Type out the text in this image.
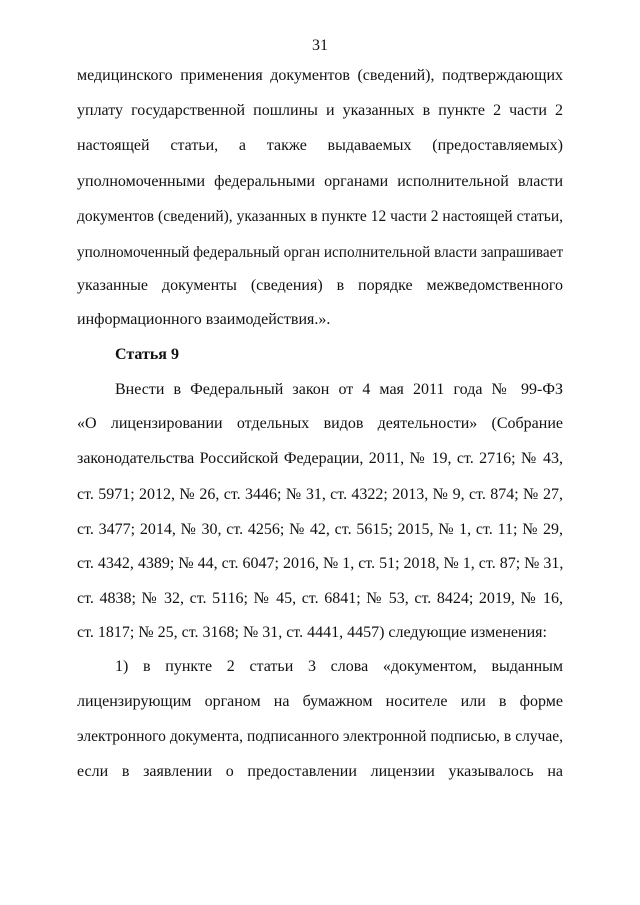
31
медицинского применения документов (сведений), подтверждающих
уплату государственной пошлины и указанных в пункте 2 части 2
настоящей статьи, а также выдаваемых (предоставляемых)
уполномоченными федеральными органами исполнительной власти
документов (сведений), указанных в пункте 12 части 2 настоящей статьи,
уполномоченный федеральный орган исполнительной власти запрашивает
указанные документы (сведения) в порядке межведомственного
информационного взаимодействия.».
Статья 9
Внести в Федеральный закон от 4 мая 2011 года № 99-ФЗ
«О лицензировании отдельных видов деятельности» (Собрание
законодательства Российской Федерации, 2011, № 19, ст. 2716; № 43,
ст. 5971; 2012, № 26, ст. 3446; № 31, ст. 4322; 2013, № 9, ст. 874; № 27,
ст. 3477; 2014, № 30, ст. 4256; № 42, ст. 5615; 2015, № 1, ст. 11; № 29,
ст. 4342, 4389; № 44, ст. 6047; 2016, № 1, ст. 51; 2018, № 1, ст. 87; № 31,
ст. 4838; № 32, ст. 5116; № 45, ст. 6841; № 53, ст. 8424; 2019, № 16,
ст. 1817; № 25, ст. 3168; № 31, ст. 4441, 4457) следующие изменения:
1) в пункте 2 статьи 3 слова «документом, выданным
лицензирующим органом на бумажном носителе или в форме
электронного документа, подписанного электронной подписью, в случае,
если в заявлении о предоставлении лицензии указывалось на
